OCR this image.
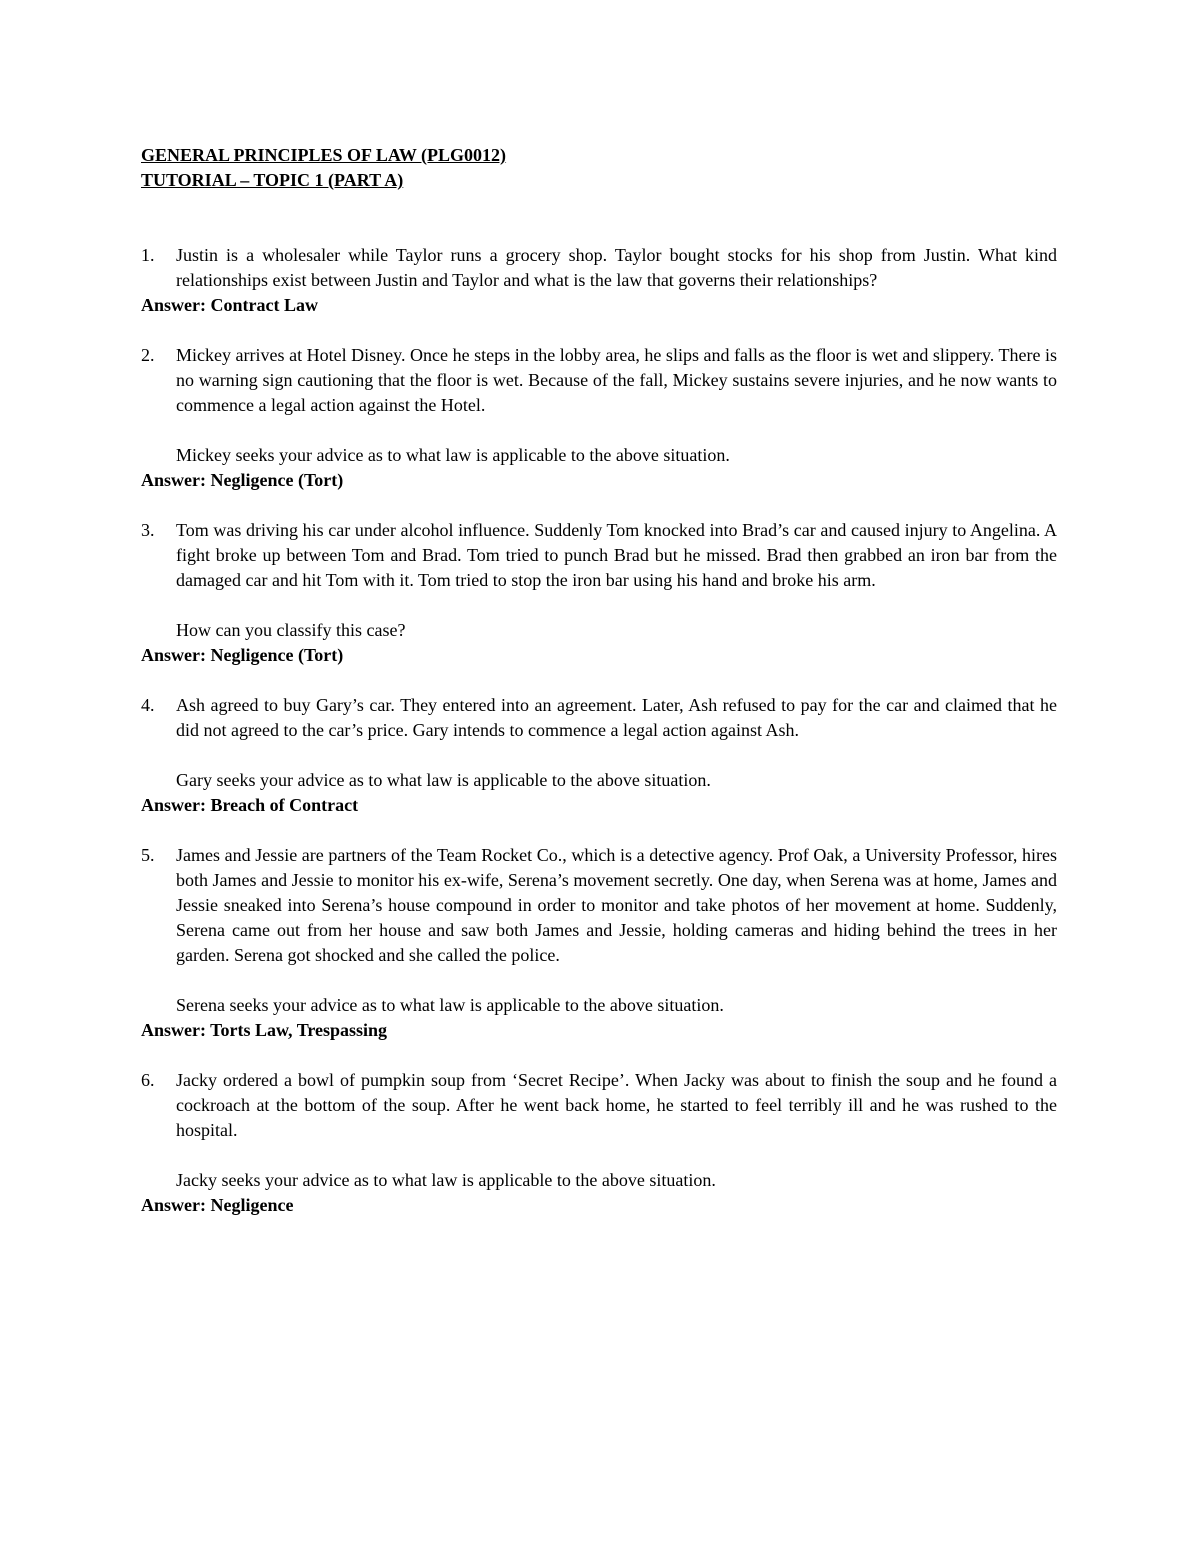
GENERAL PRINCIPLES OF LAW (PLG0012)
TUTORIAL – TOPIC 1 (PART A)
1.	Justin is a wholesaler while Taylor runs a grocery shop. Taylor bought stocks for his shop from Justin. What kind relationships exist between Justin and Taylor and what is the law that governs their relationships?

Answer: Contract Law
2.	Mickey arrives at Hotel Disney. Once he steps in the lobby area, he slips and falls as the floor is wet and slippery. There is no warning sign cautioning that the floor is wet. Because of the fall, Mickey sustains severe injuries, and he now wants to commence a legal action against the Hotel.

Mickey seeks your advice as to what law is applicable to the above situation.

Answer: Negligence (Tort)
3.	Tom was driving his car under alcohol influence. Suddenly Tom knocked into Brad’s car and caused injury to Angelina. A fight broke up between Tom and Brad. Tom tried to punch Brad but he missed. Brad then grabbed an iron bar from the damaged car and hit Tom with it. Tom tried to stop the iron bar using his hand and broke his arm.

How can you classify this case?

Answer: Negligence (Tort)
4.	Ash agreed to buy Gary’s car. They entered into an agreement. Later, Ash refused to pay for the car and claimed that he did not agreed to the car’s price. Gary intends to commence a legal action against Ash.

Gary seeks your advice as to what law is applicable to the above situation.

Answer: Breach of Contract
5.	James and Jessie are partners of the Team Rocket Co., which is a detective agency. Prof Oak, a University Professor, hires both James and Jessie to monitor his ex-wife, Serena’s movement secretly. One day, when Serena was at home, James and Jessie sneaked into Serena’s house compound in order to monitor and take photos of her movement at home. Suddenly, Serena came out from her house and saw both James and Jessie, holding cameras and hiding behind the trees in her garden. Serena got shocked and she called the police.

Serena seeks your advice as to what law is applicable to the above situation.

Answer: Torts Law, Trespassing
6.	Jacky ordered a bowl of pumpkin soup from ‘Secret Recipe’. When Jacky was about to finish the soup and he found a cockroach at the bottom of the soup. After he went back home, he started to feel terribly ill and he was rushed to the hospital.

Jacky seeks your advice as to what law is applicable to the above situation.

Answer: Negligence
